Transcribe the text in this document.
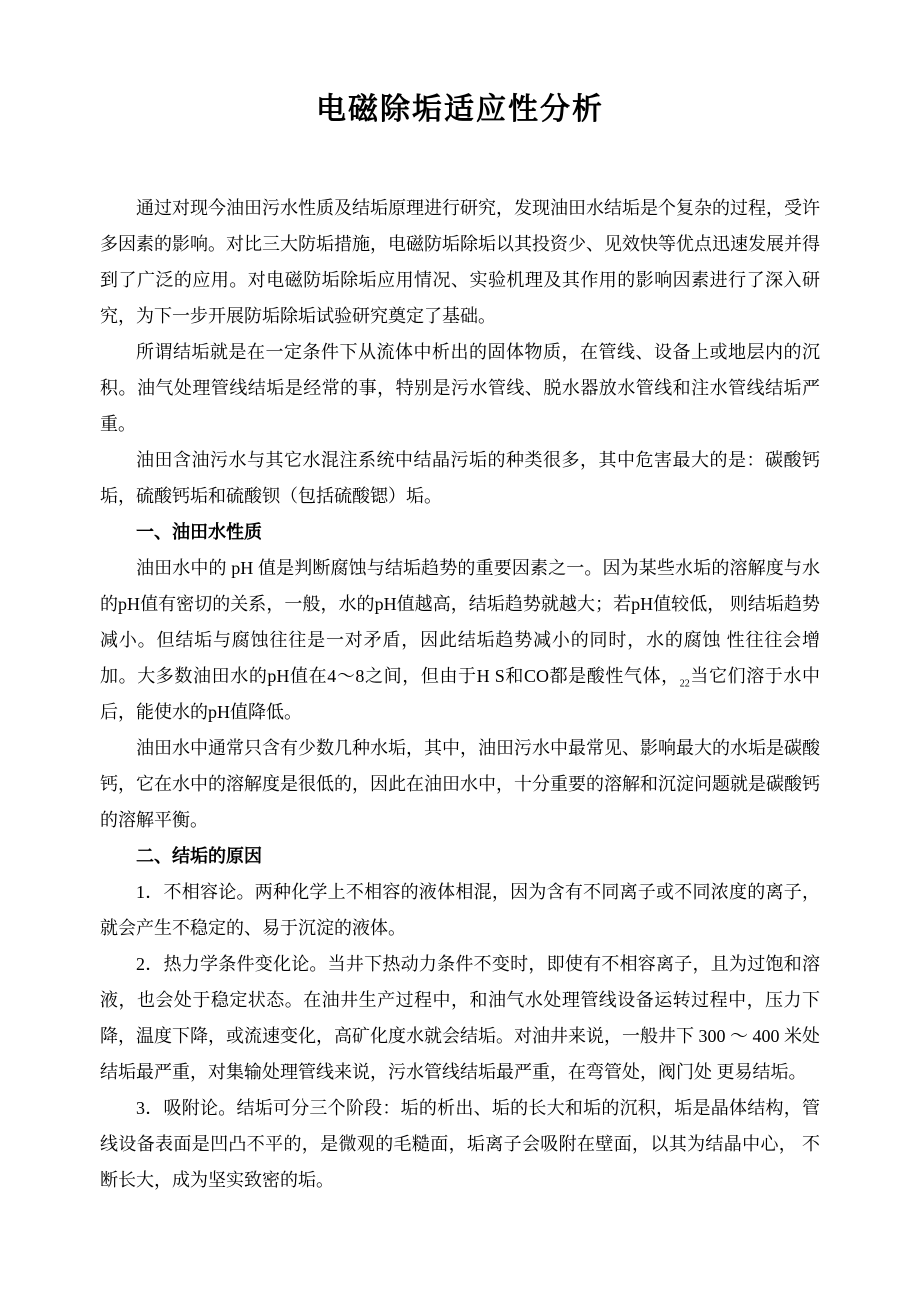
电磁除垢适应性分析

通过对现今油田污水性质及结垢原理进行研究，发现油田水结垢是个复杂的过程，受许多因素的影响。对比三大防垢措施，电磁防垢除垢以其投资少、见效快等优点迅速发展并得到了广泛的应用。对电磁防垢除垢应用情况、实验机理及其作用的影响因素进行了深入研究，为下一步开展防垢除垢试验研究奠定了基础。

所谓结垢就是在一定条件下从流体中析出的固体物质，在管线、设备上或地层内的沉积。油气处理管线结垢是经常的事，特别是污水管线、脱水器放水管线和注水管线结垢严重。

油田含油污水与其它水混注系统中结晶污垢的种类很多，其中危害最大的是：碳酸钙垢，硫酸钙垢和硫酸钡（包括硫酸锶）垢。

一、油田水性质

油田水中的 pH 值是判断腐蚀与结垢趋势的重要因素之一。因为某些水垢的溶解度与水的pH值有密切的关系，一般，水的pH值越高，结垢趋势就越大；若pH值较低， 则结垢趋势减小。但结垢与腐蚀往往是一对矛盾，因此结垢趋势减小的同时，水的腐蚀 性往往会增加。大多数油田水的pH值在4～8之间，但由于H S和CO都是酸性气体，$_{22}$当它们溶于水中后，能使水的pH值降低。

油田水中通常只含有少数几种水垢，其中，油田污水中最常见、影响最大的水垢是碳酸钙，它在水中的溶解度是很低的，因此在油田水中，十分重要的溶解和沉淀问题就是碳酸钙的溶解平衡。

二、结垢的原因

1．不相容论。两种化学上不相容的液体相混，因为含有不同离子或不同浓度的离子，就会产生不稳定的、易于沉淀的液体。

2．热力学条件变化论。当井下热动力条件不变时，即使有不相容离子，且为过饱和溶液，也会处于稳定状态。在油井生产过程中，和油气水处理管线设备运转过程中，压力下降，温度下降，或流速变化，高矿化度水就会结垢。对油井来说，一般井下 300 〜 400 米处结垢最严重，对集输处理管线来说，污水管线结垢最严重，在弯管处，阀门处 更易结垢。

3．吸附论。结垢可分三个阶段：垢的析出、垢的长大和垢的沉积，垢是晶体结构，管线设备表面是凹凸不平的，是微观的毛糙面，垢离子会吸附在壁面，以其为结晶中心， 不断长大，成为坚实致密的垢。
